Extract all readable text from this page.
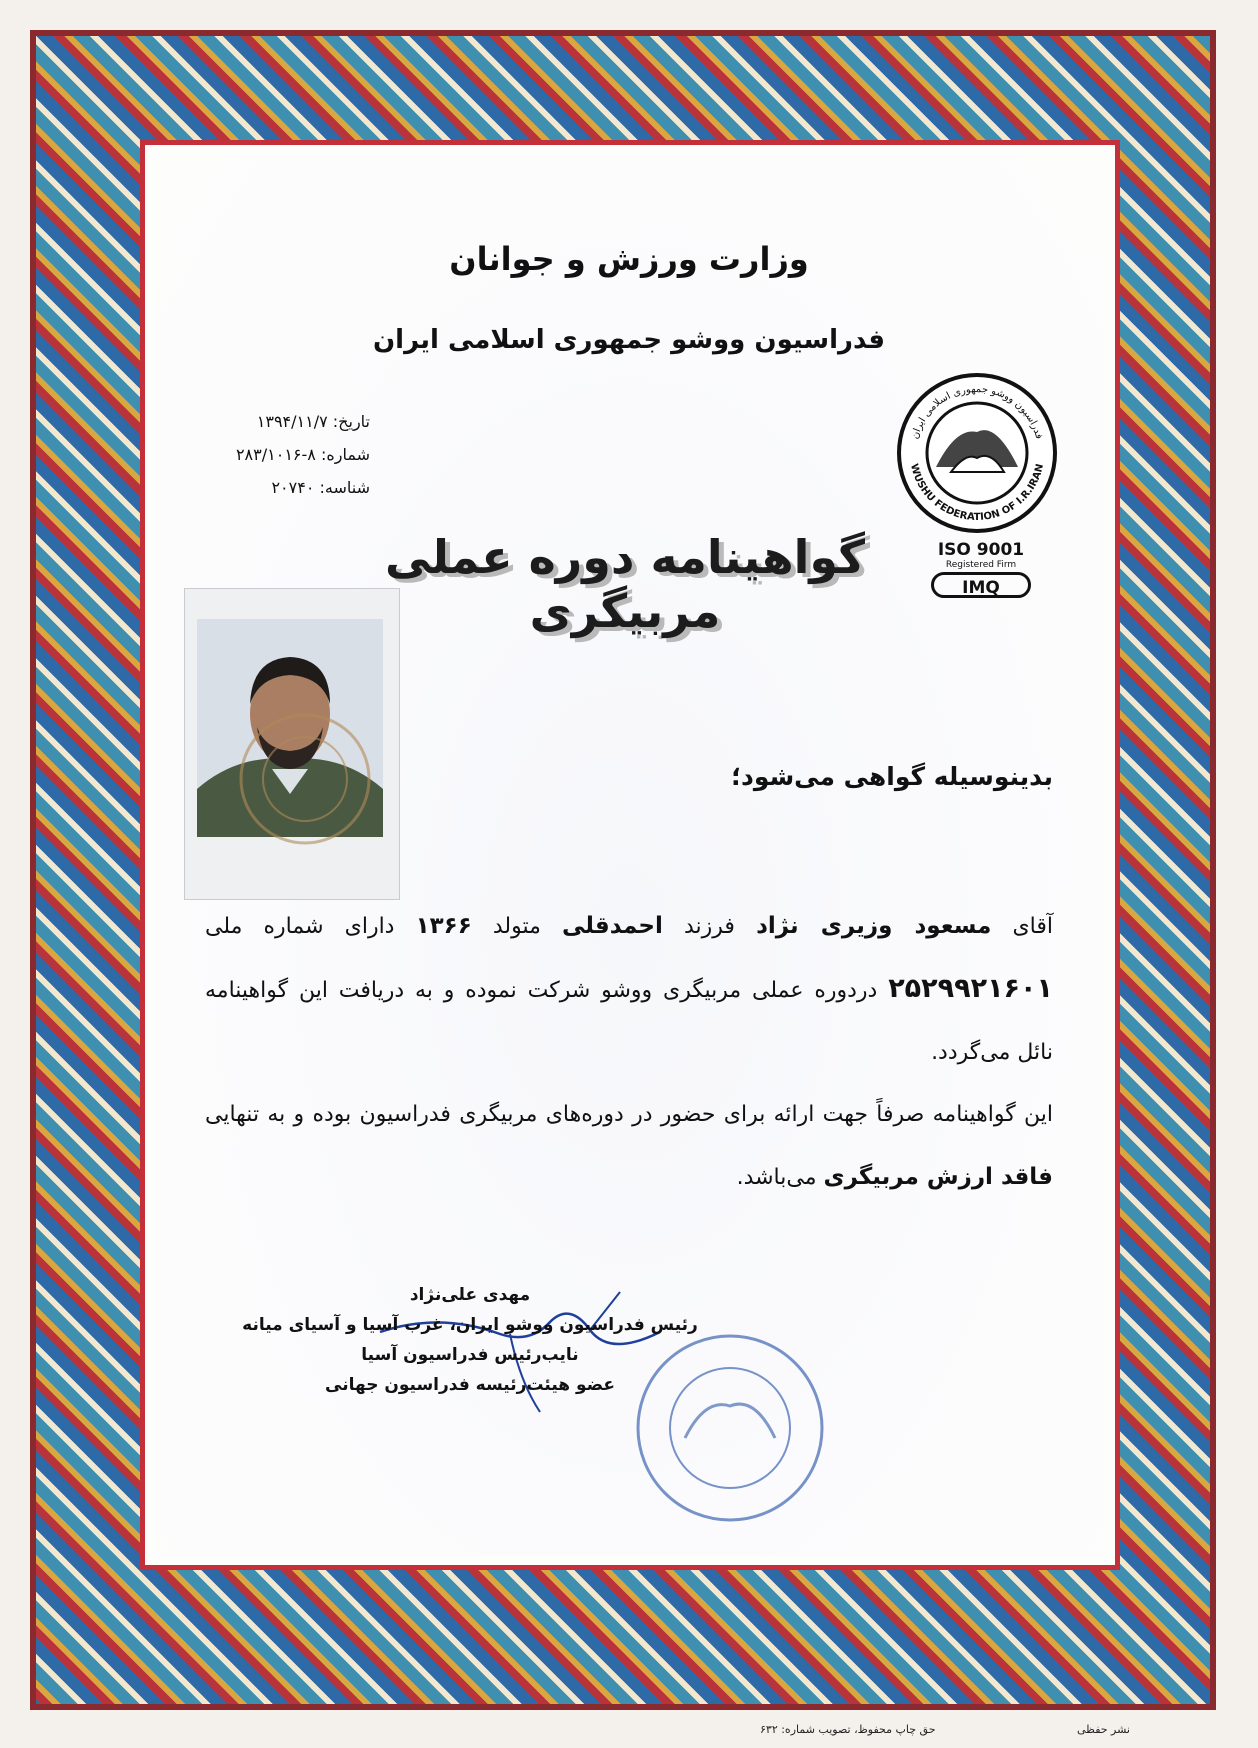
وزارت ورزش و جوانان
فدراسیون ووشو جمهوری اسلامی ایران
تاریخ: ۱۳۹۴/۱۱/۷
شماره: ۸-۲۸۳/۱۰۱۶
شناسه: ۲۰۷۴۰
فدراسیون ووشو جمهوری اسلامی ایران
WUSHU FEDERATION OF I.R.IRAN
ISO 9001
Registered Firm
IMQ
گواهینامه دوره عملی مربیگری
بدینوسیله گواهی می‌شود؛
آقای مسعود وزیری نژاد فرزند احمدقلی متولد ۱۳۶۶ دارای شماره ملی ۲۵۲۹۹۲۱۶۰۱ دردوره عملی مربیگری ووشو شرکت نموده و به دریافت این گواهینامه نائل می‌گردد.
این گواهینامه صرفاً جهت ارائه برای حضور در دوره‌های مربیگری فدراسیون بوده و به تنهایی فاقد ارزش مربیگری می‌باشد.
مهدی علی‌نژاد
رئیس فدراسیون ووشو ایران، غرب آسیا و آسیای میانه
نایب‌رئیس فدراسیون آسیا
عضو هیئت‌رئیسه فدراسیون جهانی
نشر حفظی
حق چاپ محفوظ، تصویب شماره: ۶۳۲
